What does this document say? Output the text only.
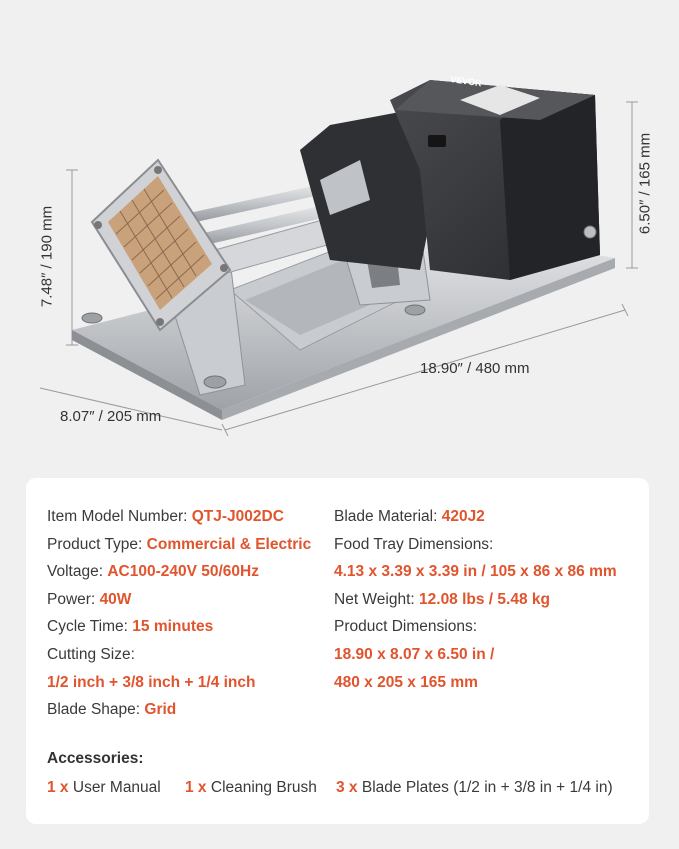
VEVOR
7.48″ / 190 mm
6.50″ / 165 mm
18.90″ / 480 mm
8.07″ / 205 mm
Item Model Number: QTJ-J002DC
Product Type: Commercial & Electric
Voltage: AC100-240V 50/60Hz
Power: 40W
Cycle Time: 15 minutes
Cutting Size:
1/2 inch + 3/8 inch + 1/4 inch
Blade Shape: Grid
Blade Material: 420J2
Food Tray Dimensions:
4.13 x 3.39 x 3.39 in / 105 x 86 x 86 mm
Net Weight: 12.08 lbs / 5.48 kg
Product Dimensions:
18.90 x 8.07 x 6.50 in /
480 x 205 x 165 mm
Accessories:
1 x User Manual 1 x Cleaning Brush 3 x Blade Plates (1/2 in + 3/8 in + 1/4 in)
